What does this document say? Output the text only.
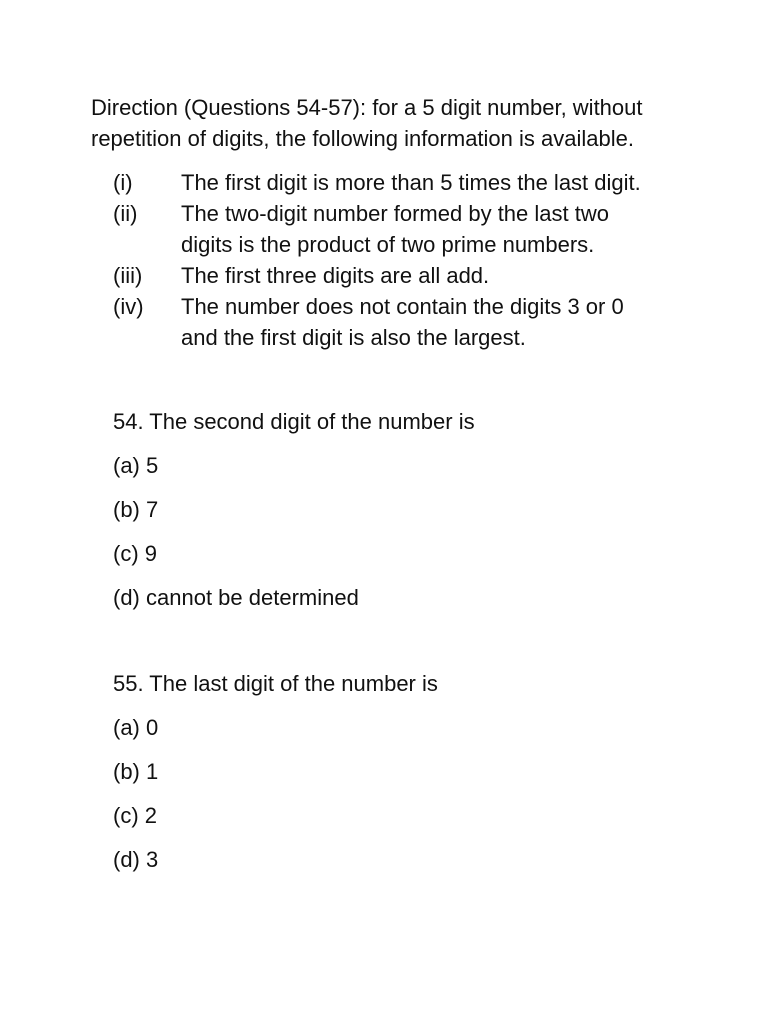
Direction (Questions 54-57): for a 5 digit number, without repetition of digits, the following information is available.

(i)	The first digit is more than 5 times the last digit.
(ii)	The two-digit number formed by the last two digits is the product of two prime numbers.
(iii)	The first three digits are all add.
(iv)	The number does not contain the digits 3 or 0 and the first digit is also the largest.

54. The second digit of the number is

(a) 5
(b) 7
(c) 9
(d) cannot be determined

55. The last digit of the number is

(a) 0
(b) 1
(c) 2
(d) 3
